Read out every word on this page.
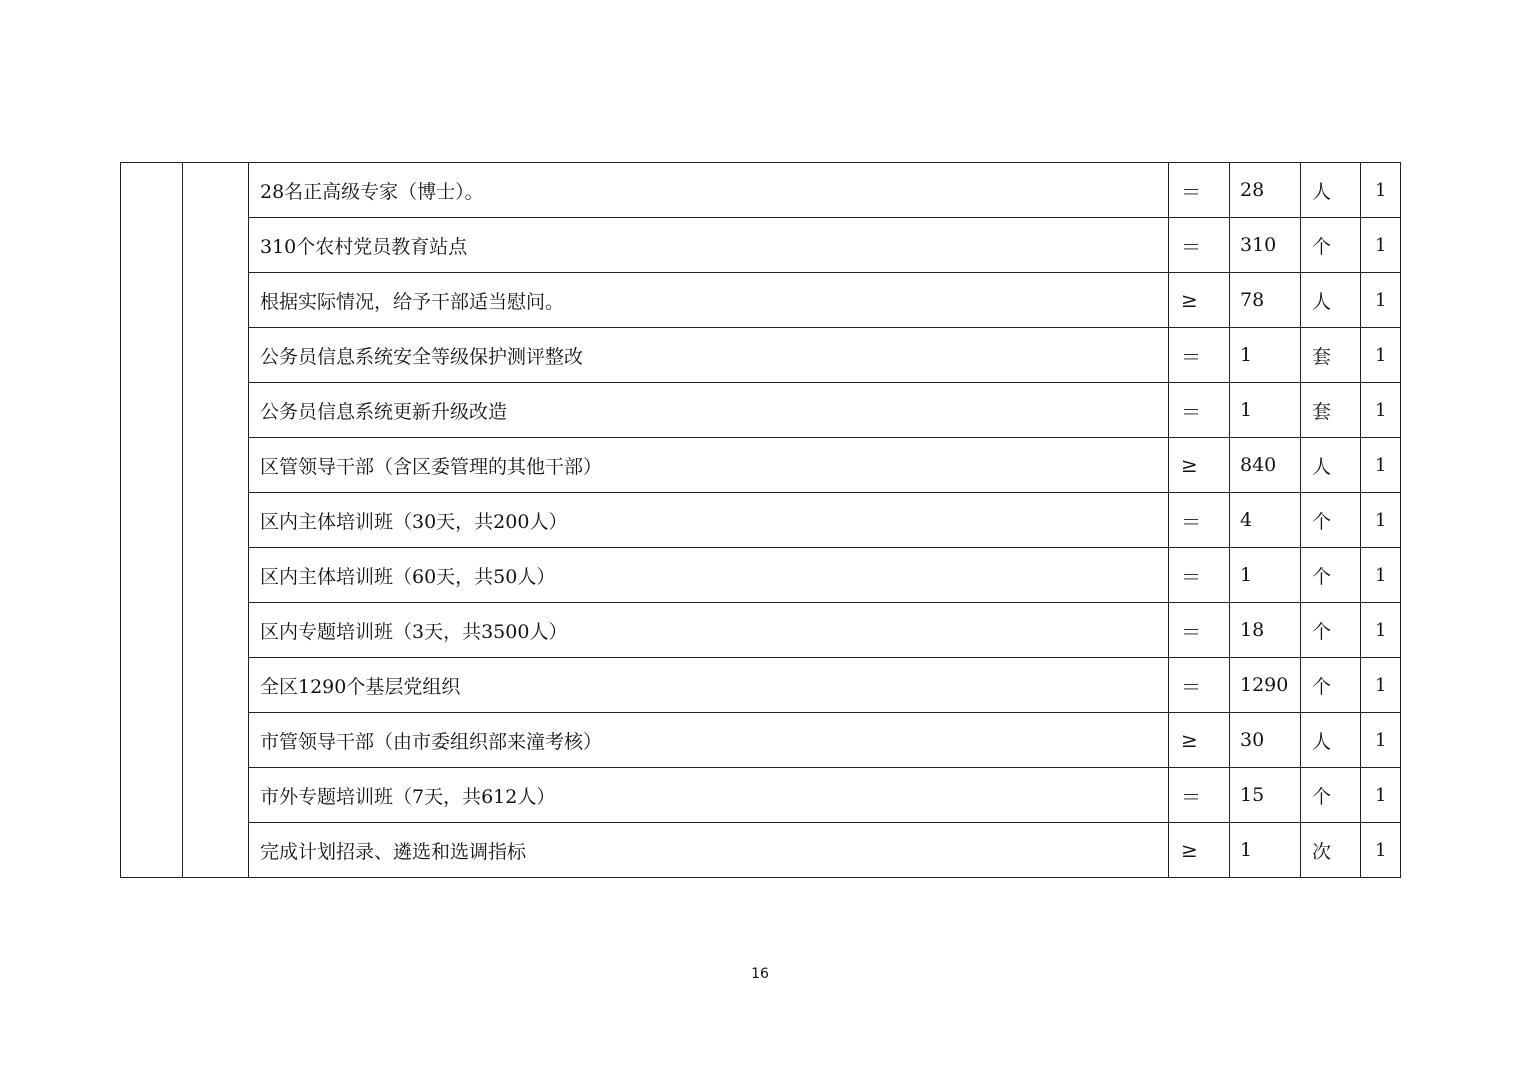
		28名正高级专家（博士）。	＝	28	人	1
		310个农村党员教育站点	＝	310	个	1
		根据实际情况，给予干部适当慰问。	≥	78	人	1
		公务员信息系统安全等级保护测评整改	＝	1	套	1
		公务员信息系统更新升级改造	＝	1	套	1
		区管领导干部（含区委管理的其他干部）	≥	840	人	1
		区内主体培训班（30天，共200人）	＝	4	个	1
		区内主体培训班（60天，共50人）	＝	1	个	1
		区内专题培训班（3天，共3500人）	＝	18	个	1
		全区1290个基层党组织	＝	1290	个	1
		市管领导干部（由市委组织部来潼考核）	≥	30	人	1
		市外专题培训班（7天，共612人）	＝	15	个	1
		完成计划招录、遴选和选调指标	≥	1	次	1
16
